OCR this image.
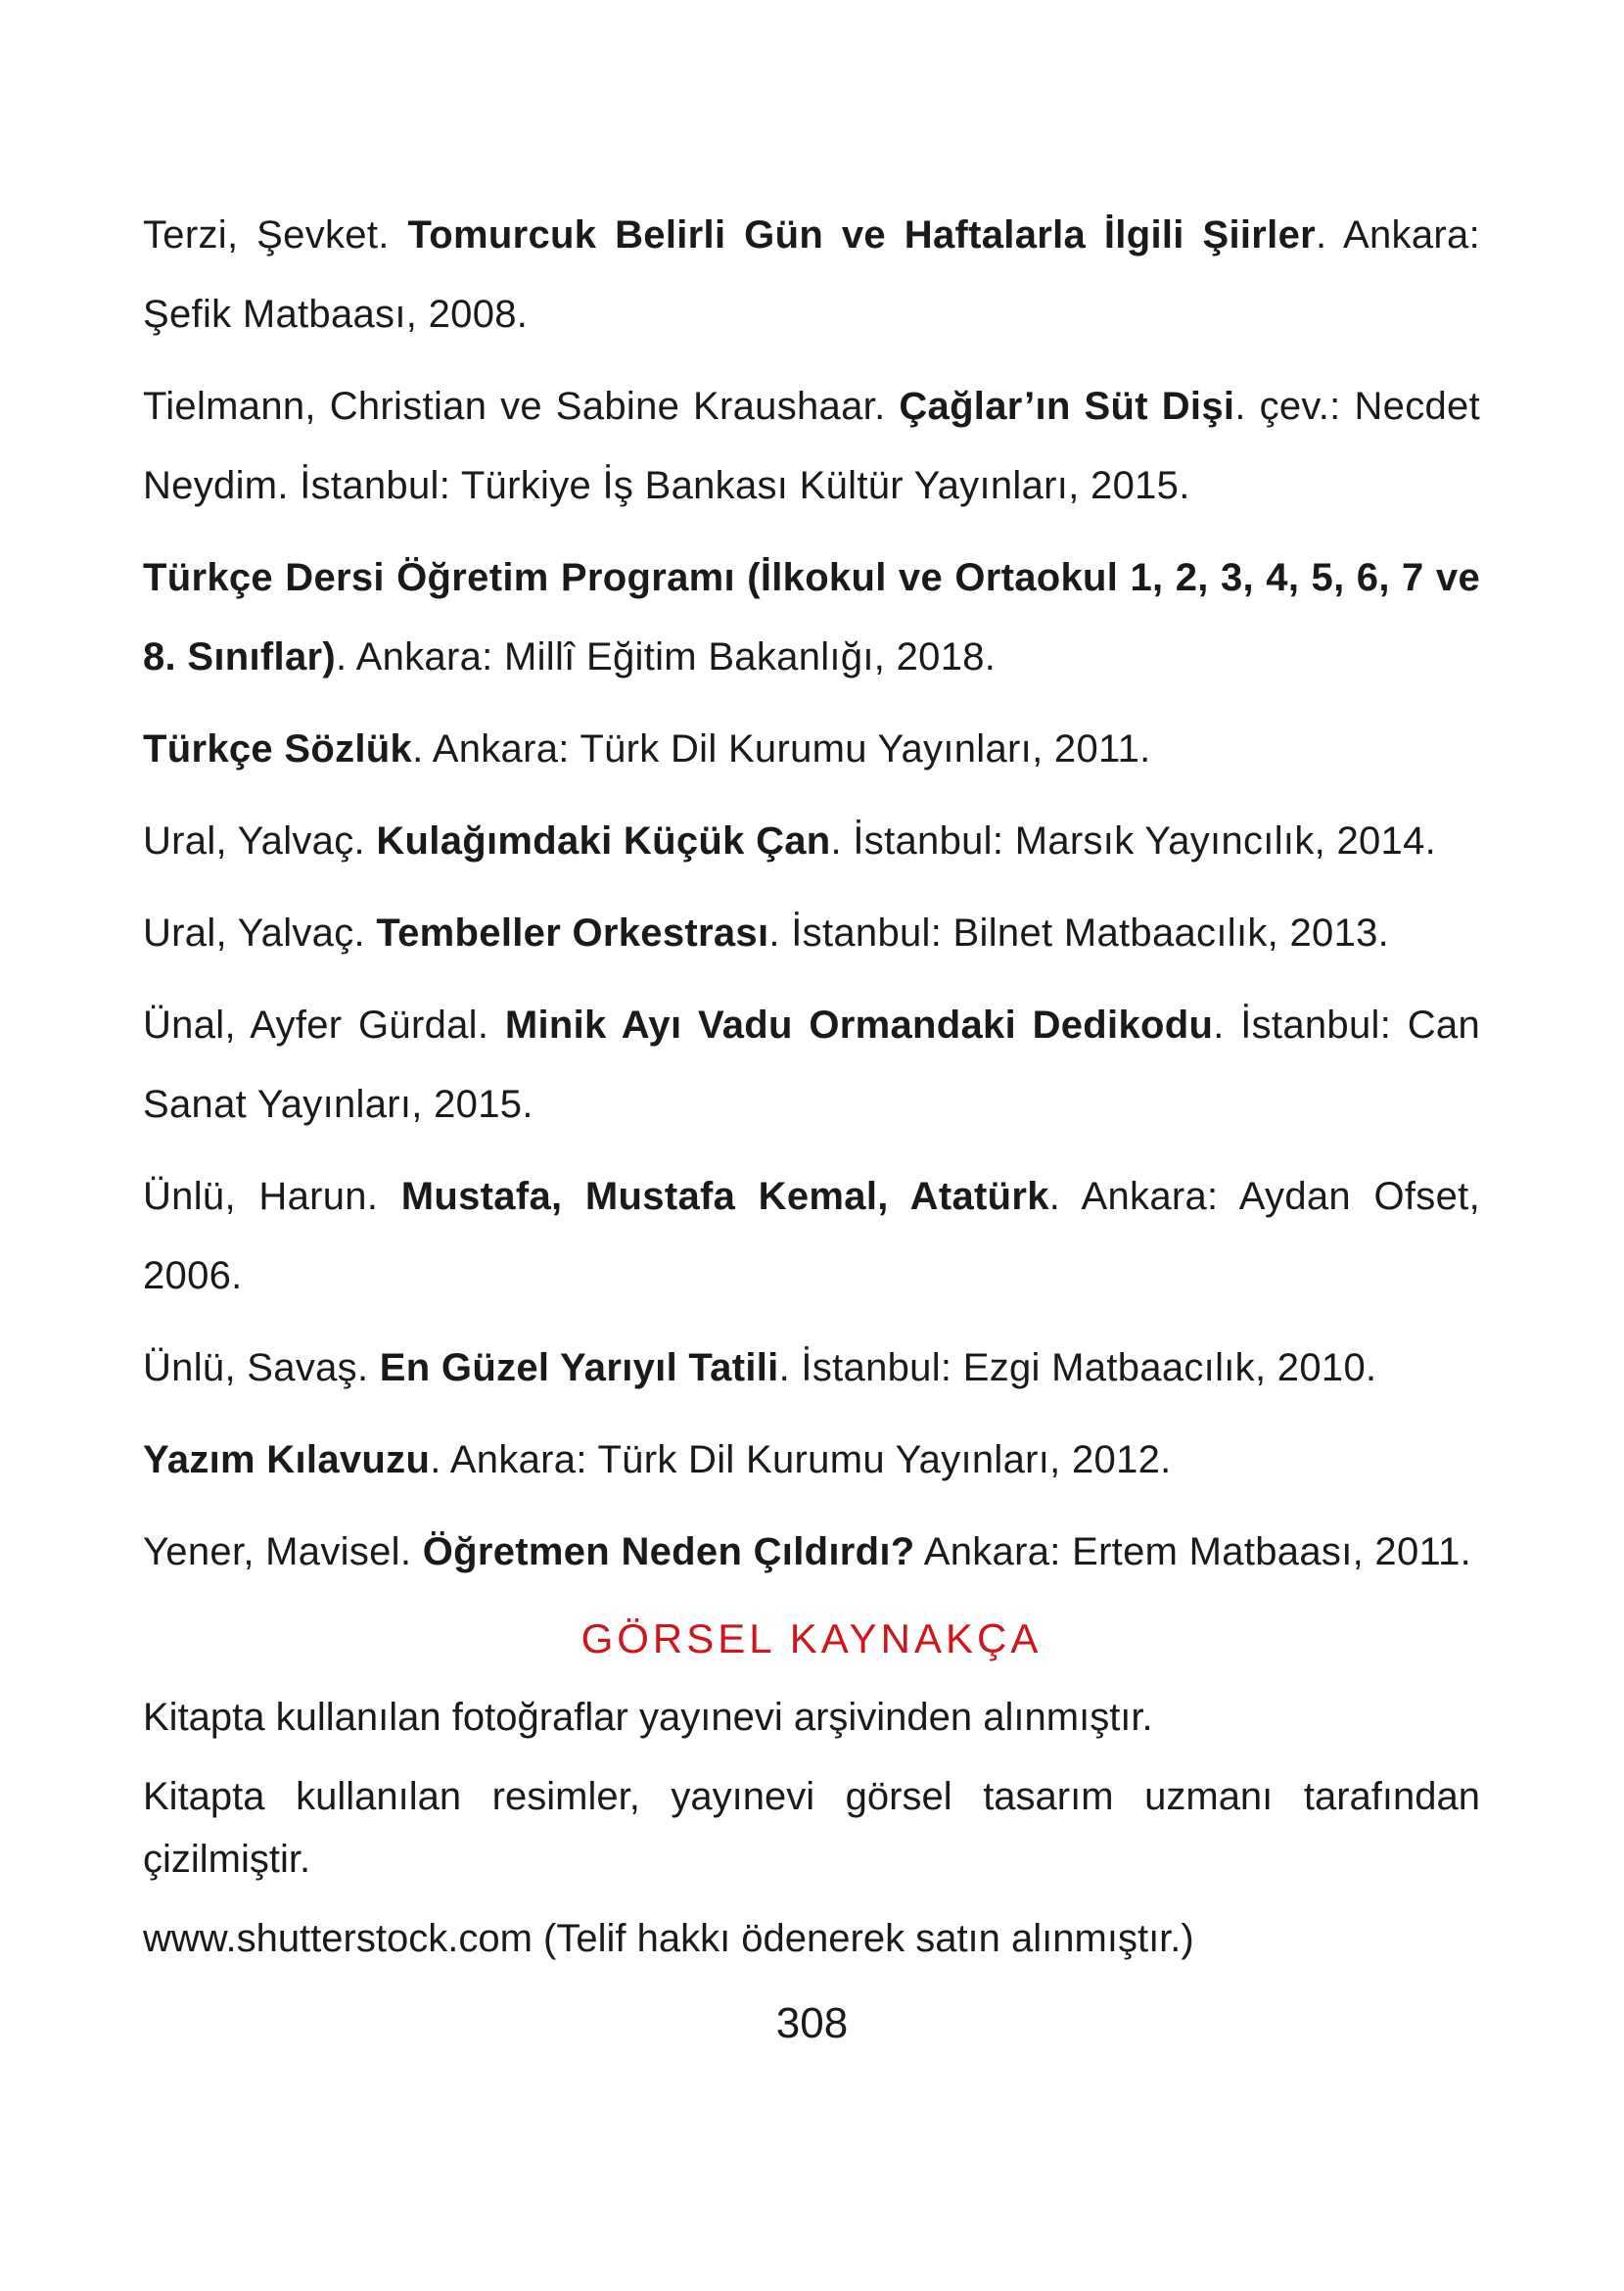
Terzi, Şevket. Tomurcuk Belirli Gün ve Haftalarla İlgili Şiirler. Ankara: Şefik Matbaası, 2008.

Tielmann, Christian ve Sabine Kraushaar. Çağlar’ın Süt Dişi. çev.: Necdet Neydim. İstanbul: Türkiye İş Bankası Kültür Yayınları, 2015.

Türkçe Dersi Öğretim Programı (İlkokul ve Ortaokul 1, 2, 3, 4, 5, 6, 7 ve 8. Sınıflar). Ankara: Millî Eğitim Bakanlığı, 2018.

Türkçe Sözlük. Ankara: Türk Dil Kurumu Yayınları, 2011.

Ural, Yalvaç. Kulağımdaki Küçük Çan. İstanbul: Marsık Yayıncılık, 2014.

Ural, Yalvaç. Tembeller Orkestrası. İstanbul: Bilnet Matbaacılık, 2013.

Ünal, Ayfer Gürdal. Minik Ayı Vadu Ormandaki Dedikodu. İstanbul: Can Sanat Yayınları, 2015.

Ünlü, Harun. Mustafa, Mustafa Kemal, Atatürk. Ankara: Aydan Ofset, 2006.

Ünlü, Savaş. En Güzel Yarıyıl Tatili. İstanbul: Ezgi Matbaacılık, 2010.

Yazım Kılavuzu. Ankara: Türk Dil Kurumu Yayınları, 2012.

Yener, Mavisel. Öğretmen Neden Çıldırdı? Ankara: Ertem Matbaası, 2011.

GÖRSEL KAYNAKÇA

Kitapta kullanılan fotoğraflar yayınevi arşivinden alınmıştır.

Kitapta kullanılan resimler, yayınevi görsel tasarım uzmanı tarafından çizilmiştir.

www.shutterstock.com (Telif hakkı ödenerek satın alınmıştır.)

308
